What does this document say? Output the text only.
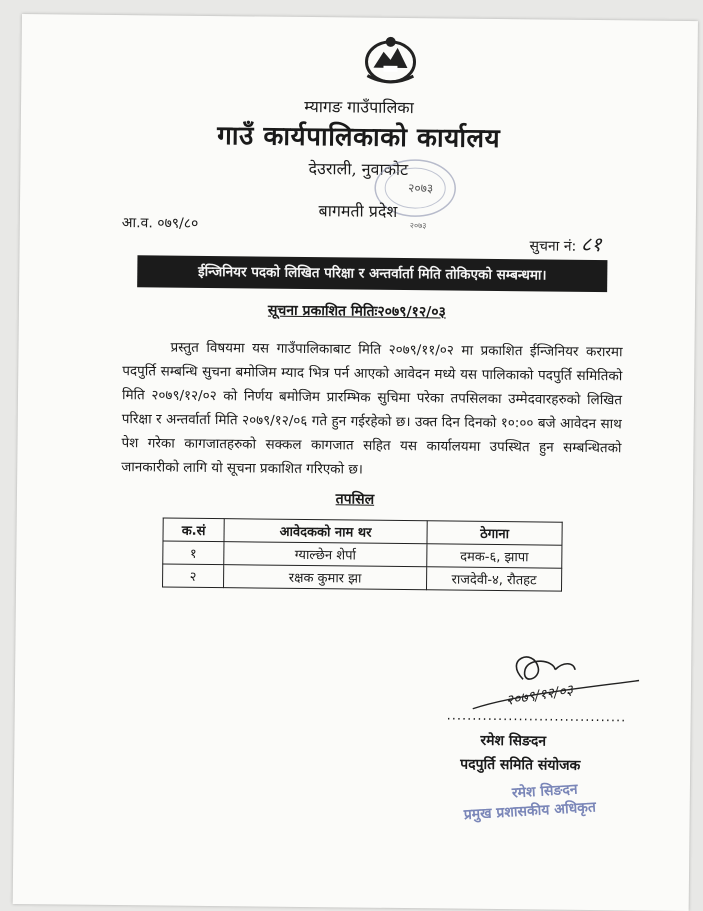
म्यागङ गाउँपालिका
गाउँ कार्यपालिकाको कार्यालय
देउराली, नुवाकोट
२०७३
२०७३
बागमती प्रदेश
आ.व. ०७९/८०
सुचना नं: ८१
ईन्जिनियर पदको लिखित परिक्षा र अन्तर्वार्ता मिति तोकिएको सम्बन्धमा।
सूचना प्रकाशित मितिः२०७९/१२/०३
प्रस्तुत विषयमा यस गाउँपालिकाबाट मिति २०७९/११/०२ मा प्रकाशित ईन्जिनियर करारमा पदपुर्ति सम्बन्धि सुचना बमोजिम म्याद भित्र पर्न आएको आवेदन मध्ये यस पालिकाको पदपुर्ति समितिको मिति २०७९/१२/०२ को निर्णय बमोजिम प्रारम्भिक सुचिमा परेका तपसिलका उम्मेदवारहरुको लिखित परिक्षा र अन्तर्वार्ता मिति २०७९/१२/०६ गते हुन गईरहेको छ। उक्त दिन दिनको १०:०० बजे आवेदन साथ पेश गरेका कागजातहरुको सक्कल कागजात सहित यस कार्यालयमा उपस्थित हुन सम्बन्धितको जानकारीको लागि यो सूचना प्रकाशित गरिएको छ।
तपसिल
क.सं	आवेदकको नाम थर	ठेगाना
१	ग्याल्छेन शेर्पा	दमक-६, झापा
२	रक्षक कुमार झा	राजदेवी-४, रौतहट
२०७९/१२/०३
...................................
रमेश सिङदन
पदपुर्ति समिति संयोजक
रमेश सिङदन
प्रमुख प्रशासकीय अधिकृत
